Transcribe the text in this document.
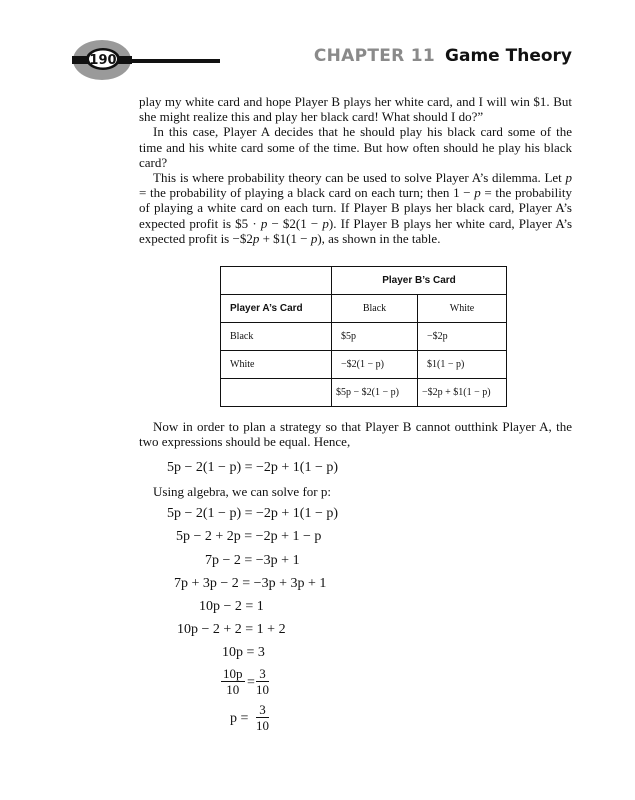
190	CHAPTER 11 Game Theory

play my white card and hope Player B plays her white card, and I will win $1. But she might realize this and play her black card! What should I do?”

In this case, Player A decides that he should play his black card some of the time and his white card some of the time. But how often should he play his black card?

This is where probability theory can be used to solve Player A’s dilemma. Let p = the probability of playing a black card on each turn; then 1 − p = the probability of playing a white card on each turn. If Player B plays her black card, Player A’s expected profit is $5 · p − $2(1 − p). If Player B plays her white card, Player A’s expected profit is −$2p + $1(1 − p), as shown in the table.

	Player B’s Card	
Player A’s Card	Black	White
Black	$5p	−$2p
White	−$2(1 − p)	$1(1 − p)
	$5p − $2(1 − p)	−$2p + $1(1 − p)

Now in order to plan a strategy so that Player B cannot outthink Player A, the two expressions should be equal. Hence,

5p − 2(1 − p) = −2p + 1(1 − p)
Using algebra, we can solve for p:
5p − 2(1 − p) = −2p + 1(1 − p)
5p − 2 + 2p = −2p + 1 − p
7p − 2 = −3p + 1
7p + 3p − 2 = −3p + 3p + 1
10p − 2 = 1
10p − 2 + 2 = 1 + 2
10p = 3
$\frac{10p}{10} = \frac{3}{10}$
$p = \frac{3}{10}$
